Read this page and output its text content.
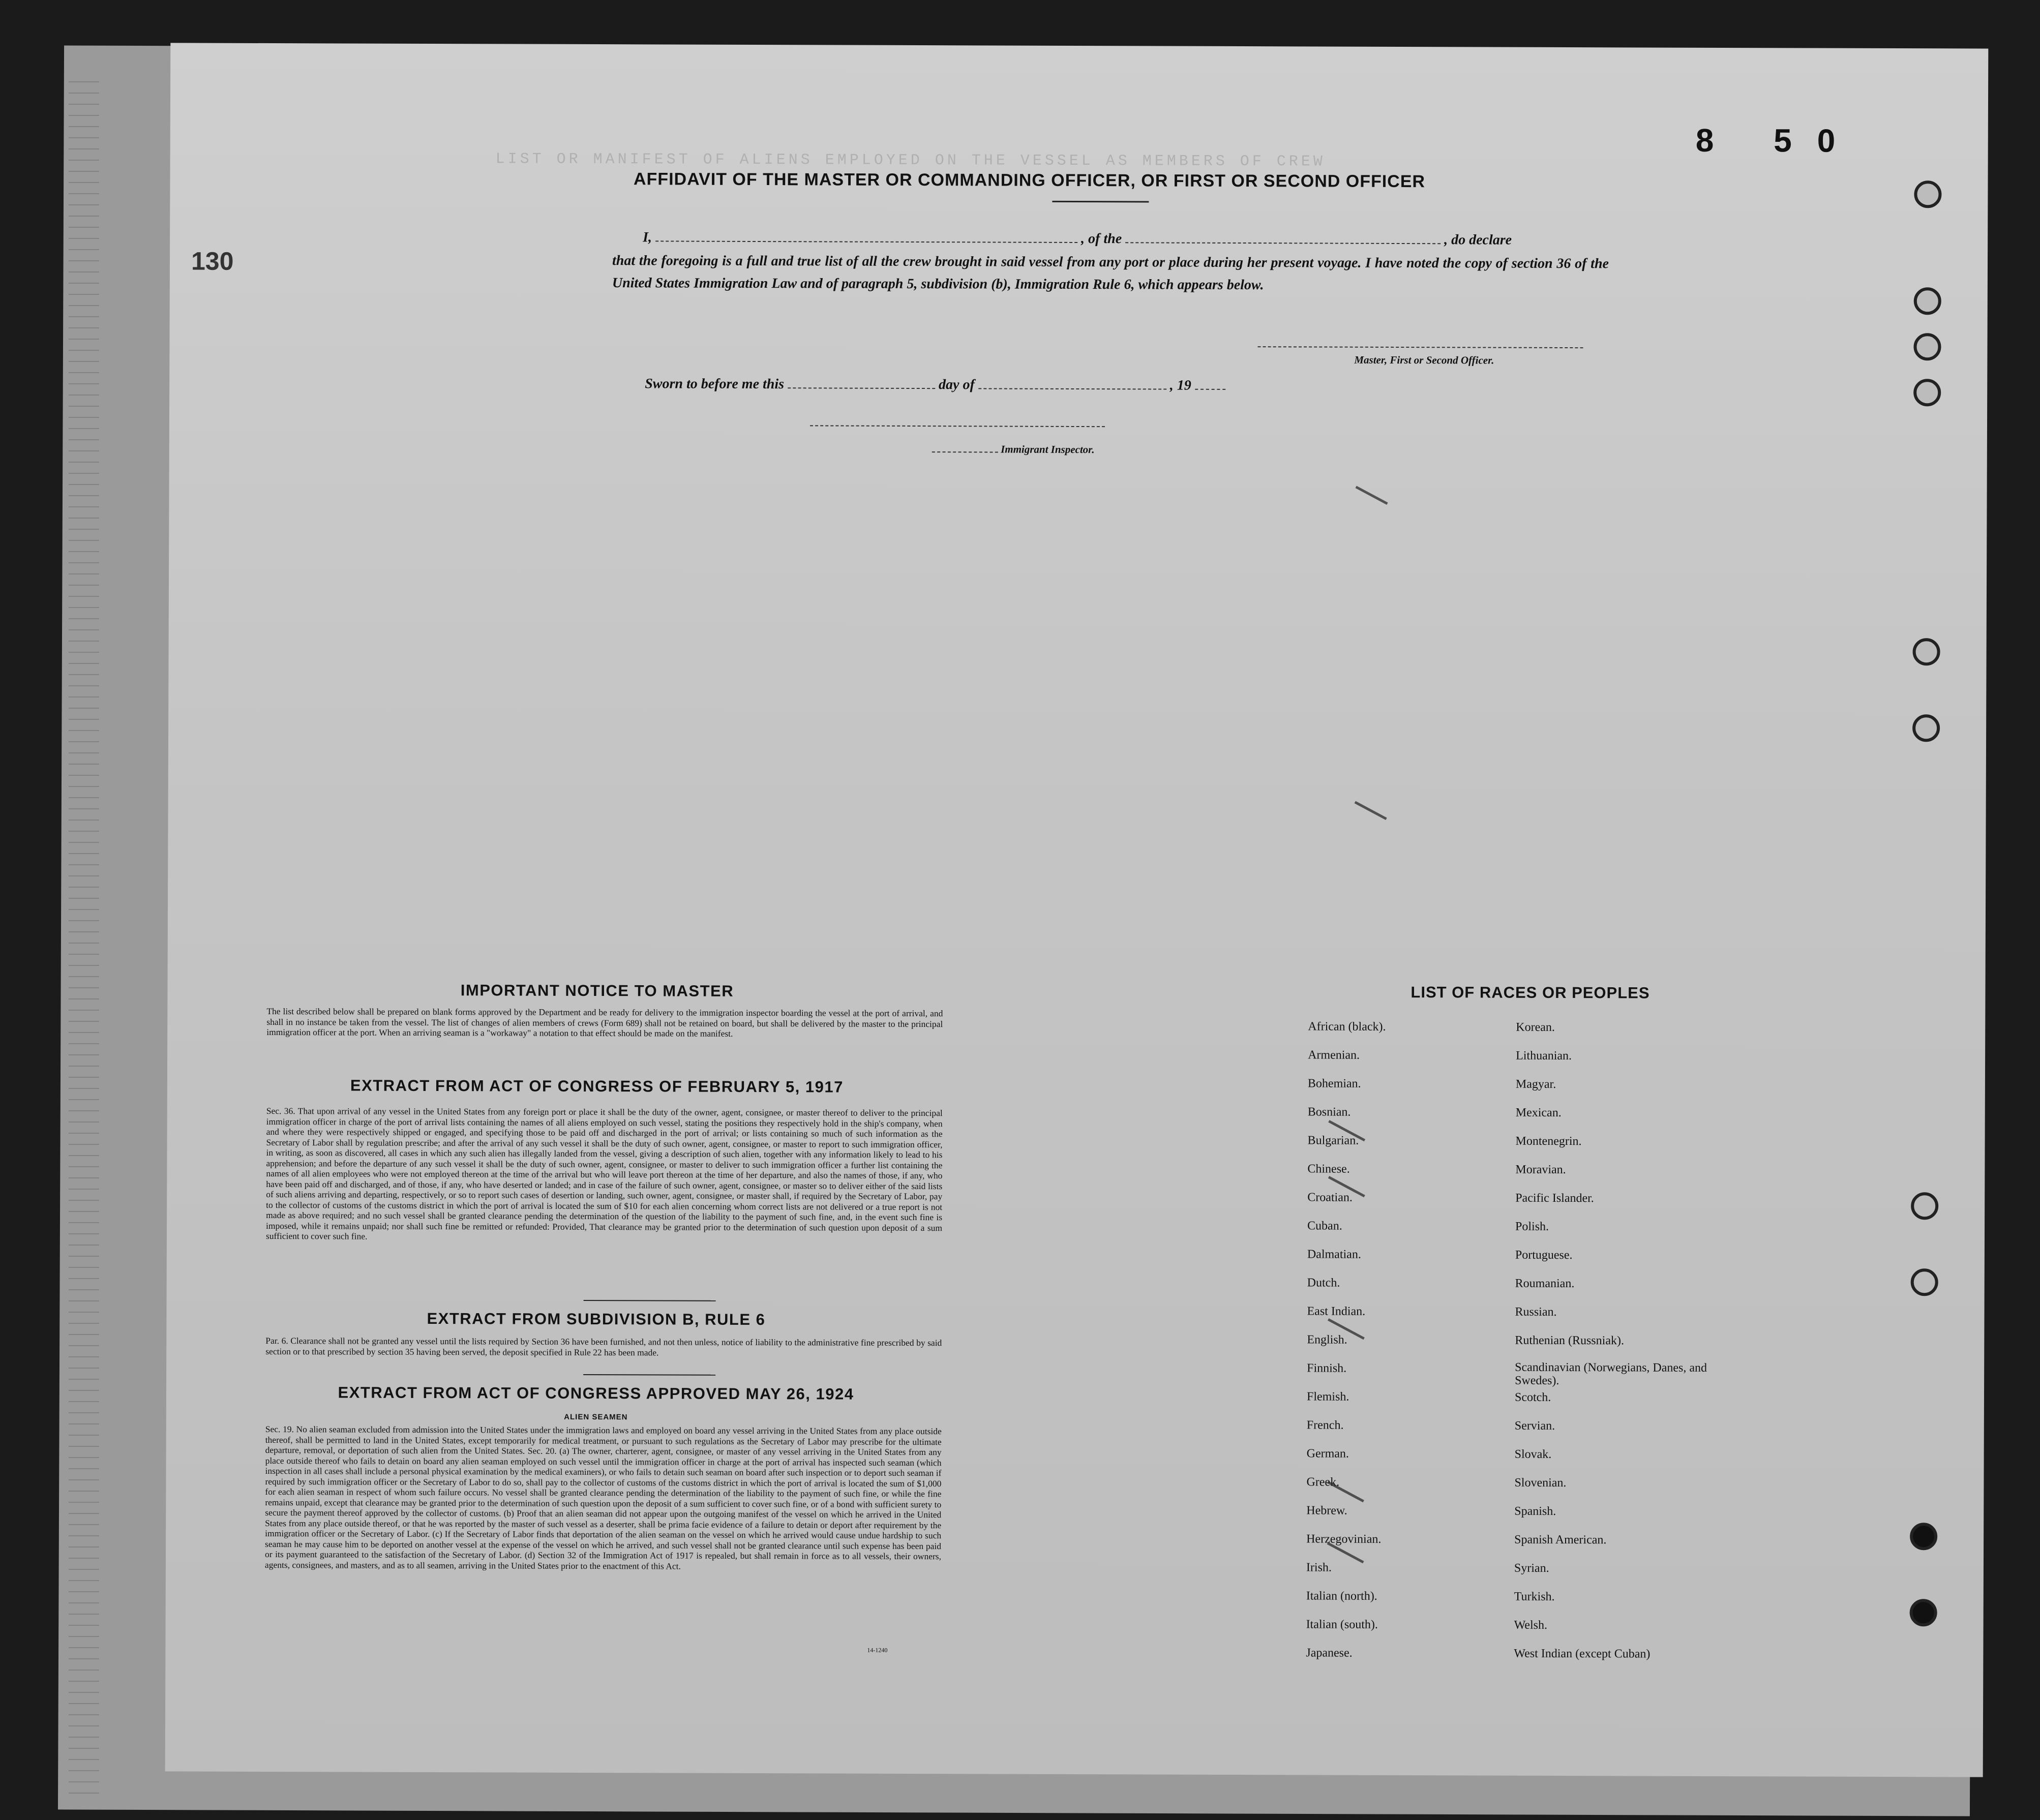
LIST OR MANIFEST OF ALIENS EMPLOYED ON THE VESSEL AS MEMBERS OF CREW
8 50
130
AFFIDAVIT OF THE MASTER OR COMMANDING OFFICER, OR FIRST OR SECOND OFFICER
I,	, of the	, do declare
that the foregoing is a full and true list of all the crew brought in said vessel from any port or place during her present voyage. I have noted the copy of section 36 of the United States Immigration Law and of paragraph 5, subdivision (b), Immigration Rule 6, which appears below.
Master, First or Second Officer.
Sworn to before me this	day of	, 19
Immigrant Inspector.
IMPORTANT NOTICE TO MASTER
The list described below shall be prepared on blank forms approved by the Department and be ready for delivery to the immigration inspector boarding the vessel at the port of arrival, and shall in no instance be taken from the vessel. The list of changes of alien members of crews (Form 689) shall not be retained on board, but shall be delivered by the master to the principal immigration officer at the port. When an arriving seaman is a "workaway" a notation to that effect should be made on the manifest.
EXTRACT FROM ACT OF CONGRESS OF FEBRUARY 5, 1917
Sec. 36. That upon arrival of any vessel in the United States from any foreign port or place it shall be the duty of the owner, agent, consignee, or master thereof to deliver to the principal immigration officer in charge of the port of arrival lists containing the names of all aliens employed on such vessel, stating the positions they respectively hold in the ship's company, when and where they were respectively shipped or engaged, and specifying those to be paid off and discharged in the port of arrival; or lists containing so much of such information as the Secretary of Labor shall by regulation prescribe; and after the arrival of any such vessel it shall be the duty of such owner, agent, consignee, or master to report to such immigration officer, in writing, as soon as discovered, all cases in which any such alien has illegally landed from the vessel, giving a description of such alien, together with any information likely to lead to his apprehension; and before the departure of any such vessel it shall be the duty of such owner, agent, consignee, or master to deliver to such immigration officer a further list containing the names of all alien employees who were not employed thereon at the time of the arrival but who will leave port thereon at the time of her departure, and also the names of those, if any, who have been paid off and discharged, and of those, if any, who have deserted or landed; and in case of the failure of such owner, agent, consignee, or master so to deliver either of the said lists of such aliens arriving and departing, respectively, or so to report such cases of desertion or landing, such owner, agent, consignee, or master shall, if required by the Secretary of Labor, pay to the collector of customs of the customs district in which the port of arrival is located the sum of $10 for each alien concerning whom correct lists are not delivered or a true report is not made as above required; and no such vessel shall be granted clearance pending the determination of the question of the liability to the payment of such fine, and, in the event such fine is imposed, while it remains unpaid; nor shall such fine be remitted or refunded: Provided, That clearance may be granted prior to the determination of such question upon deposit of a sum sufficient to cover such fine.
EXTRACT FROM SUBDIVISION B, RULE 6
Par. 6. Clearance shall not be granted any vessel until the lists required by Section 36 have been furnished, and not then unless, notice of liability to the administrative fine prescribed by said section or to that prescribed by section 35 having been served, the deposit specified in Rule 22 has been made.
EXTRACT FROM ACT OF CONGRESS APPROVED MAY 26, 1924
ALIEN SEAMEN
Sec. 19. No alien seaman excluded from admission into the United States under the immigration laws and employed on board any vessel arriving in the United States from any place outside thereof, shall be permitted to land in the United States, except temporarily for medical treatment, or pursuant to such regulations as the Secretary of Labor may prescribe for the ultimate departure, removal, or deportation of such alien from the United States. Sec. 20. (a) The owner, charterer, agent, consignee, or master of any vessel arriving in the United States from any place outside thereof who fails to detain on board any alien seaman employed on such vessel until the immigration officer in charge at the port of arrival has inspected such seaman (which inspection in all cases shall include a personal physical examination by the medical examiners), or who fails to detain such seaman on board after such inspection or to deport such seaman if required by such immigration officer or the Secretary of Labor to do so, shall pay to the collector of customs of the customs district in which the port of arrival is located the sum of $1,000 for each alien seaman in respect of whom such failure occurs. No vessel shall be granted clearance pending the determination of the liability to the payment of such fine, or while the fine remains unpaid, except that clearance may be granted prior to the determination of such question upon the deposit of a sum sufficient to cover such fine, or of a bond with sufficient surety to secure the payment thereof approved by the collector of customs. (b) Proof that an alien seaman did not appear upon the outgoing manifest of the vessel on which he arrived in the United States from any place outside thereof, or that he was reported by the master of such vessel as a deserter, shall be prima facie evidence of a failure to detain or deport after requirement by the immigration officer or the Secretary of Labor. (c) If the Secretary of Labor finds that deportation of the alien seaman on the vessel on which he arrived would cause undue hardship to such seaman he may cause him to be deported on another vessel at the expense of the vessel on which he arrived, and such vessel shall not be granted clearance until such expense has been paid or its payment guaranteed to the satisfaction of the Secretary of Labor. (d) Section 32 of the Immigration Act of 1917 is repealed, but shall remain in force as to all vessels, their owners, agents, consignees, and masters, and as to all seamen, arriving in the United States prior to the enactment of this Act.
14-1240
LIST OF RACES OR PEOPLES
African (black).
Armenian.
Bohemian.
Bosnian.
Bulgarian.
Chinese.
Croatian.
Cuban.
Dalmatian.
Dutch.
East Indian.
English.
Finnish.
Flemish.
French.
German.
Greek.
Hebrew.
Herzegovinian.
Irish.
Italian (north).
Italian (south).
Japanese.
Korean.
Lithuanian.
Magyar.
Mexican.
Montenegrin.
Moravian.
Pacific Islander.
Polish.
Portuguese.
Roumanian.
Russian.
Ruthenian (Russniak).
Scandinavian (Norwegians, Danes, and Swedes).
Scotch.
Servian.
Slovak.
Slovenian.
Spanish.
Spanish American.
Syrian.
Turkish.
Welsh.
West Indian (except Cuban)
